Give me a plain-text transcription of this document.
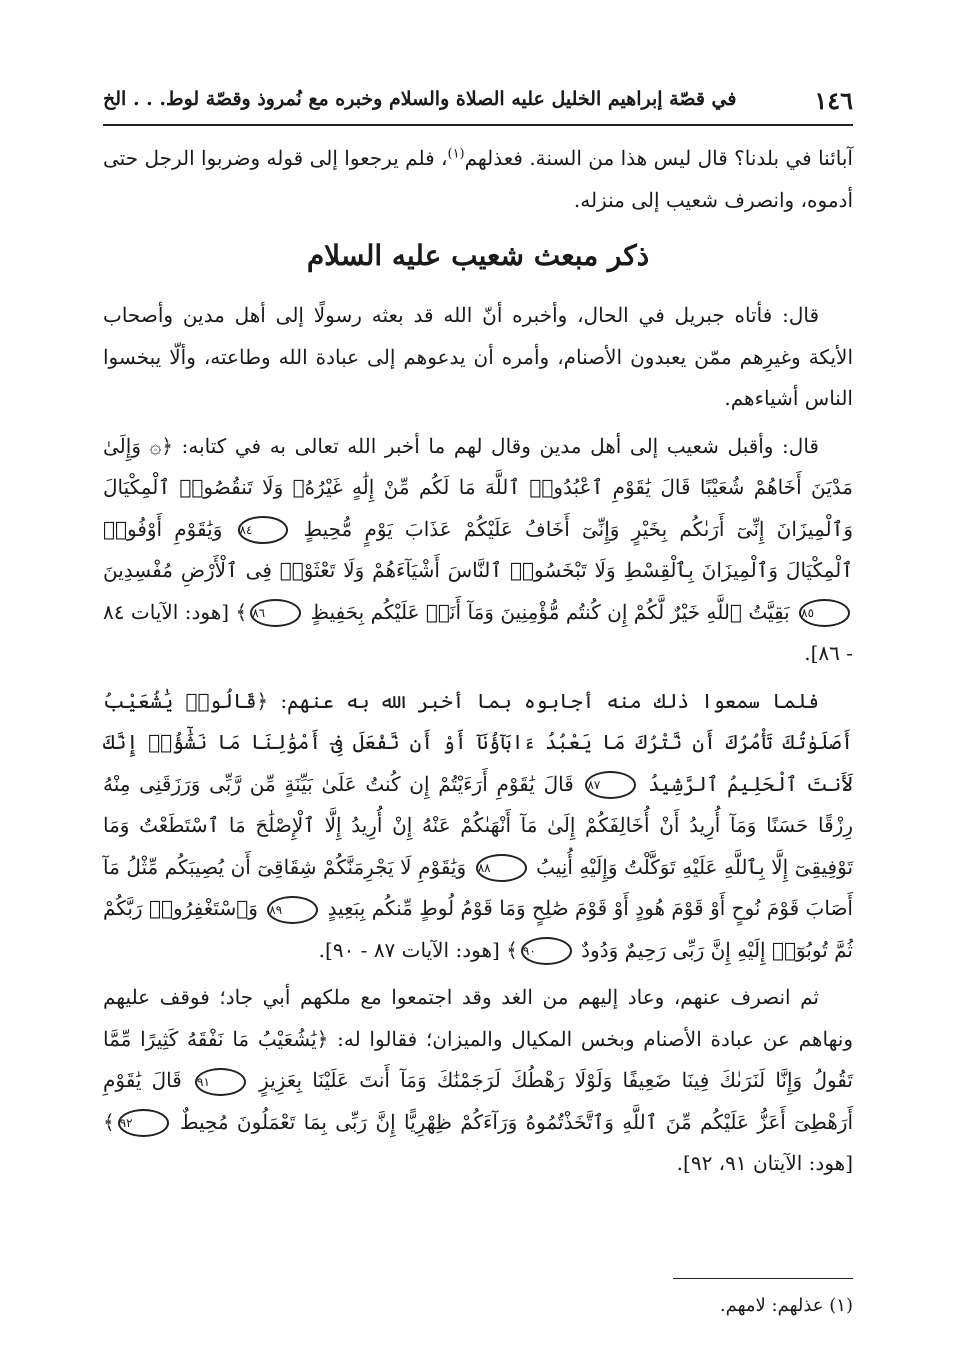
١٤٦
في قصّة إبراهيم الخليل عليه الصلاة والسلام وخبره مع نُمروذ وقصّة لوط. . . الخ

آبائنا في بلدنا؟ قال ليس هذا من السنة. فعذلهم$^{(١)}$، فلم يرجعوا إلى قوله وضربوا الرجل حتى أدموه، وانصرف شعيب إلى منزله.

ذكر مبعث شعيب عليه السلام

قال: فأتاه جبريل في الحال، وأخبره أنّ الله قد بعثه رسولًا إلى أهل مدين وأصحاب الأيكة وغيرِهم ممّن يعبدون الأصنام، وأمره أن يدعوهم إلى عبادة الله وطاعته، وألّا يبخسوا الناس أشياءهم.

قال: وأقبل شعيب إلى أهل مدين وقال لهم ما أخبر الله تعالى به في كتابه: ﴿۞ وَإِلَىٰ مَدْيَنَ أَخَاهُمْ شُعَيْبًا قَالَ يَٰقَوْمِ ٱعْبُدُوا۟ ٱللَّهَ مَا لَكُم مِّنْ إِلَٰهٍ غَيْرُهُۥ وَلَا تَنقُصُوا۟ ٱلْمِكْيَالَ وَٱلْمِيزَانَ إِنِّىٓ أَرَىٰكُم بِخَيْرٍ وَإِنِّىٓ أَخَافُ عَلَيْكُمْ عَذَابَ يَوْمٍ مُّحِيطٍ ٨٤ وَيَٰقَوْمِ أَوْفُوا۟ ٱلْمِكْيَالَ وَٱلْمِيزَانَ بِٱلْقِسْطِ وَلَا تَبْخَسُوا۟ ٱلنَّاسَ أَشْيَآءَهُمْ وَلَا تَعْثَوْا۟ فِى ٱلْأَرْضِ مُفْسِدِينَ ٨٥ بَقِيَّتُ ٱللَّهِ خَيْرٌ لَّكُمْ إِن كُنتُم مُّؤْمِنِينَ وَمَآ أَنَا۠ عَلَيْكُم بِحَفِيظٍ ٨٦﴾ [هود: الآيات ٨٤ - ٨٦].

فلما سمعوا ذلك منه أجابوه بما أخبر الله به عنهم: ﴿قَالُوا۟ يَٰشُعَيْبُ أَصَلَوٰتُكَ تَأْمُرُكَ أَن نَّتْرُكَ مَا يَعْبُدُ ءَابَآؤُنَآ أَوْ أَن نَّفْعَلَ فِىٓ أَمْوَٰلِنَا مَا نَشَٰٓؤُا۟ إِنَّكَ لَأَنتَ ٱلْحَلِيمُ ٱلرَّشِيدُ ٨٧ قَالَ يَٰقَوْمِ أَرَءَيْتُمْ إِن كُنتُ عَلَىٰ بَيِّنَةٍ مِّن رَّبِّى وَرَزَقَنِى مِنْهُ رِزْقًا حَسَنًا وَمَآ أُرِيدُ أَنْ أُخَالِفَكُمْ إِلَىٰ مَآ أَنْهَىٰكُمْ عَنْهُ إِنْ أُرِيدُ إِلَّا ٱلْإِصْلَٰحَ مَا ٱسْتَطَعْتُ وَمَا تَوْفِيقِىٓ إِلَّا بِٱللَّهِ عَلَيْهِ تَوَكَّلْتُ وَإِلَيْهِ أُنِيبُ ٨٨ وَيَٰقَوْمِ لَا يَجْرِمَنَّكُمْ شِقَاقِىٓ أَن يُصِيبَكُم مِّثْلُ مَآ أَصَابَ قَوْمَ نُوحٍ أَوْ قَوْمَ هُودٍ أَوْ قَوْمَ صَٰلِحٍ وَمَا قَوْمُ لُوطٍ مِّنكُم بِبَعِيدٍ ٨٩ وَٱسْتَغْفِرُوا۟ رَبَّكُمْ ثُمَّ تُوبُوٓا۟ إِلَيْهِ إِنَّ رَبِّى رَحِيمٌ وَدُودٌ ٩٠﴾ [هود: الآيات ٨٧ - ٩٠].

ثم انصرف عنهم، وعاد إليهم من الغد وقد اجتمعوا مع ملكهم أبي جاد؛ فوقف عليهم ونهاهم عن عبادة الأصنام وبخس المكيال والميزان؛ فقالوا له: ﴿يَٰشُعَيْبُ مَا نَفْقَهُ كَثِيرًا مِّمَّا تَقُولُ وَإِنَّا لَنَرَىٰكَ فِينَا ضَعِيفًا وَلَوْلَا رَهْطُكَ لَرَجَمْنَٰكَ وَمَآ أَنتَ عَلَيْنَا بِعَزِيزٍ ٩١ قَالَ يَٰقَوْمِ أَرَهْطِىٓ أَعَزُّ عَلَيْكُم مِّنَ ٱللَّهِ وَٱتَّخَذْتُمُوهُ وَرَآءَكُمْ ظِهْرِيًّا إِنَّ رَبِّى بِمَا تَعْمَلُونَ مُحِيطٌ ٩٢﴾ [هود: الآيتان ٩١، ٩٢].

(١) عذلهم: لامهم.
